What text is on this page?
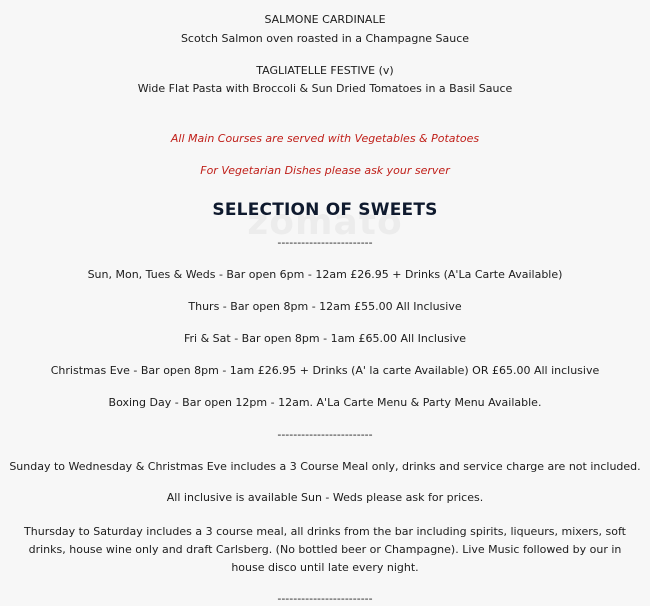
SALMONE CARDINALE
Scotch Salmon oven roasted in a Champagne Sauce
TAGLIATELLE FESTIVE (v)
Wide Flat Pasta with Broccoli & Sun Dried Tomatoes in a Basil Sauce
All Main Courses are served with Vegetables & Potatoes
For Vegetarian Dishes please ask your server
SELECTION OF SWEETS
------------------------
Sun, Mon, Tues & Weds - Bar open 6pm - 12am £26.95 + Drinks (A'La Carte Available)
Thurs - Bar open 8pm - 12am £55.00 All Inclusive
Fri & Sat - Bar open 8pm - 1am £65.00 All Inclusive
Christmas Eve - Bar open 8pm - 1am £26.95 + Drinks (A' la carte Available) OR £65.00 All inclusive
Boxing Day - Bar open 12pm - 12am. A'La Carte Menu & Party Menu Available.
------------------------
Sunday to Wednesday & Christmas Eve includes a 3 Course Meal only, drinks and service charge are not included.
All inclusive is available Sun - Weds please ask for prices.
Thursday to Saturday includes a 3 course meal, all drinks from the bar including spirits, liqueurs, mixers, soft drinks, house wine only and draft Carlsberg. (No bottled beer or Champagne). Live Music followed by our in house disco until late every night.
------------------------
